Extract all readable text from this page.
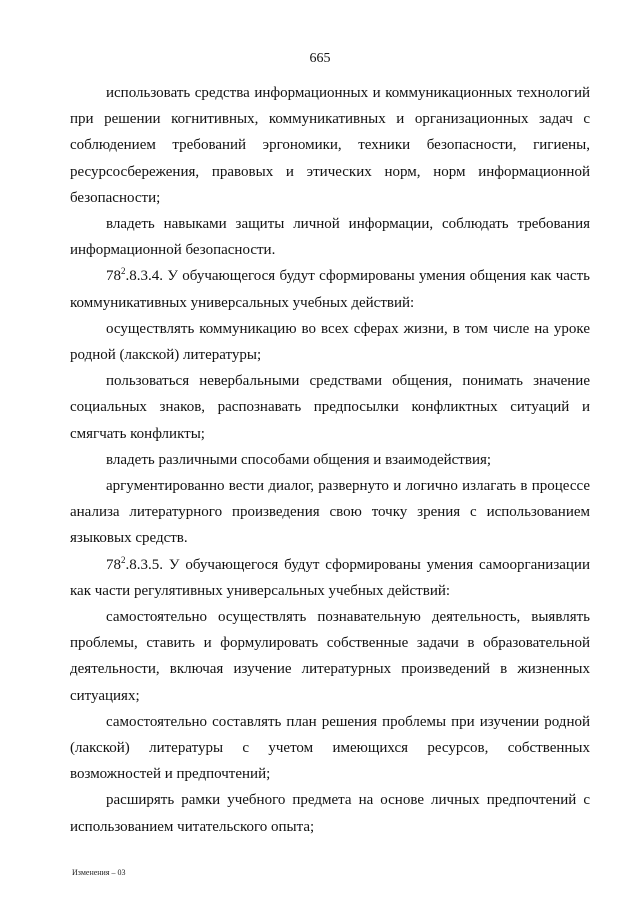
665

использовать средства информационных и коммуникационных технологий при решении когнитивных, коммуникативных и организационных задач с соблюдением требований эргономики, техники безопасности, гигиены, ресурсосбережения, правовых и этических норм, норм информационной безопасности;

владеть навыками защиты личной информации, соблюдать требования информационной безопасности.

$78^2.8.3.4$. У обучающегося будут сформированы умения общения как часть коммуникативных универсальных учебных действий:

осуществлять коммуникацию во всех сферах жизни, в том числе на уроке родной (лакской) литературы;

пользоваться невербальными средствами общения, понимать значение социальных знаков, распознавать предпосылки конфликтных ситуаций и смягчать конфликты;

владеть различными способами общения и взаимодействия;

аргументированно вести диалог, развернуто и логично излагать в процессе анализа литературного произведения свою точку зрения с использованием языковых средств.

$78^2.8.3.5$. У обучающегося будут сформированы умения самоорганизации как части регулятивных универсальных учебных действий:

самостоятельно осуществлять познавательную деятельность, выявлять проблемы, ставить и формулировать собственные задачи в образовательной деятельности, включая изучение литературных произведений в жизненных ситуациях;

самостоятельно составлять план решения проблемы при изучении родной (лакской) литературы с учетом имеющихся ресурсов, собственных возможностей и предпочтений;

расширять рамки учебного предмета на основе личных предпочтений с использованием читательского опыта;

Изменения – 03
